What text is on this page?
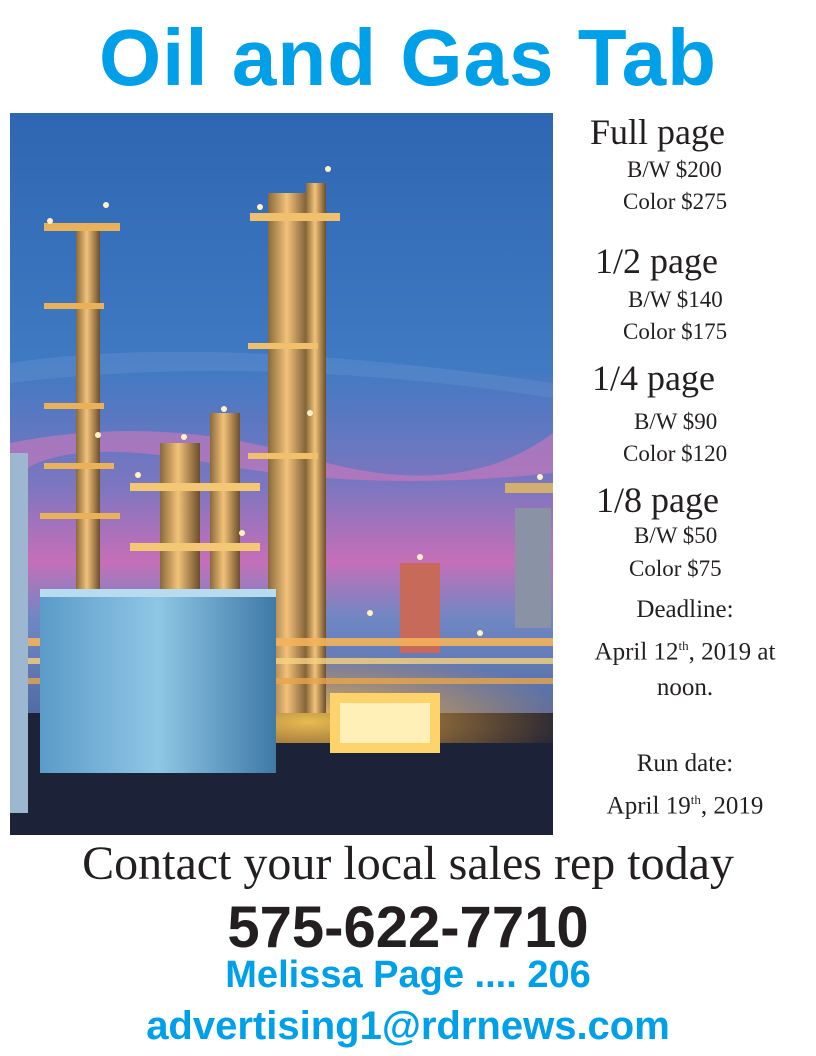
Oil and Gas Tab
Full page
B/W $200
Color $275
1/2 page
B/W $140
Color $175
1/4 page
B/W $90
Color $120
1/8 page
B/W $50
Color $75
Deadline:
April 12th, 2019 at
noon.
Run date:
April 19th, 2019
Contact your local sales rep today
575-622-7710
Melissa Page .... 206
advertising1@rdrnews.com
